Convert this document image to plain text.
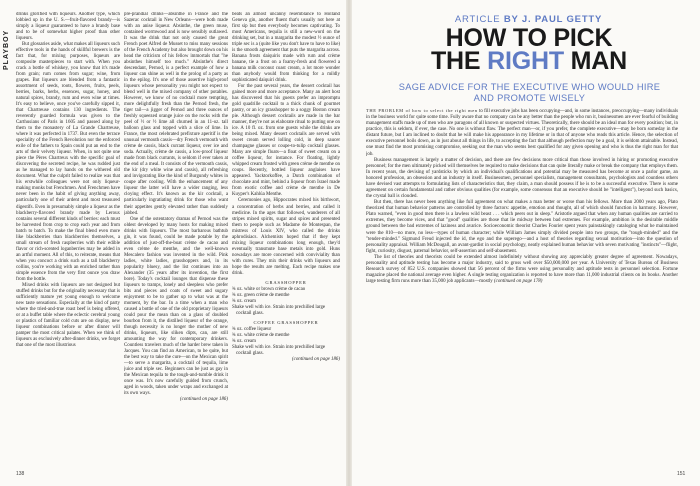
PLAYBOY

drinks glorified with liqueurs. Another type, which lobbied up in the U. S.—fruit-flavored brandy—is simply a liqueur guaranteed to have a brandy base and to be of somewhat higher proof than other liqueurs.

But glossaries aside, what makes all liqueurs such effective tools in the hands of skillful brewers is the fact that, for mixing purposes, liqueurs are composite masterpieces to start with. When you crack a bottle of whiskey, you know that it's made from grain; rum comes from sugar; wine, from grapes. But liqueurs are blended from a fantastic assortment of seeds, roots, flowers, fruits, peels, berries, barks, herbs, essences, sugar, honey, and natural spices, brandy, rum and even wine at times. It's easy to believe, once you've carefully sipped it, that Chartreuse contains 130 ingredients. The reverently guarded formula was given to the Carthusians of Paris in 1605 and passed along by them to the monastery of La Grande Chartreuse, where it was perfected in 1737. But even the terrace speciality of the French Revolution nor the enforced exile of the fathers to Spain could put an end to the arts of their velvety liqueur. When, in not quite one piece the Pères Chartreux with the specific goal of discovering the secreted recipe, he was rudded just as he managed to lay hands on the withered old document. What the culprit failed to realize was that his erstwhile colleagues were not only liqueur-making monks but Frenchmen. And Frenchmen have never been in the habit of giving anything away, particularly one of their ardent and most treasured digestifs. Even in presumably simple a liqueur as the blackberry-flavored brandy made by Leroux contains several different kinds of berries: each must be harvested from crop to crop each year and from batch to batch. To make the final blend even more like blackberries than blackberries themselves, a small stream of fresh raspberries with their edible flavor or rich-scented loganberries may be added in an artful moment. All of this, to reiterate, means that when you concoct a drink such as a tall blackberry collins, you're working with an enriched rather than simple essence from the very first ounce you draw from the bottle.

Mixed drinks with liqueurs are not designed but stuffed drinks but for the originality necessary that is sufficiently mature yet young enough to welcome new taste sensations. Especially at the kind of party where the tried-and-true roast beef is being offered, or at a buffet table where the eclectic cerebral young or plastics of familiar cold cuts are on display, new liqueur combinations before or after dinner will pamper the most critical palates. When we think of liqueurs as exclusively after-dinner drinks, we forget that one of the most illustrious

pre-prandial drinks—absinthe in France and the Sazerac cocktail in New Orleans—were both made with an anise liqueur. Absinthe, the green muse, contained wormwood and is now sensibly outlawed. It was the drink that not only caused the great French poet Alfred de Musset to miss many sessions of the French Academy but also brought down on his head the criticism of his fellow immortals that "he absinthes himself too much." Absinthe's direct descendant, Pernod, is a perfect example of how a liqueur can shine as well in the prolog of a party as in the epilog. It's one of those assertive high-proof liqueurs whose personality you might not expect to blend well in the mixed company of other potables. However, we know of no cocktail more tempting, more delightfully fresh than the Pernod fresh, the tiger tail—a jigger of Pernod and three ounces of freshly squeezed orange juice on the rocks with the peel of ½ or ½ lime all churned in an 11-oz. tall balloon glass and topped with a slice of lime. In France, the most celebrated prefixture aperitif is the unusual vermouth cassis—dry French vermouth with crème de cassis, black currant liqueur, over ice and soda. Actually, crème de cassis, a low-proof liqueur made from black currants, is seldom if ever taken at the end of a meal. It consists of the vermouth cassis, the kir (dry white wine and cassis), all refreshing and invigorating like the kind of Burgundy whites in coupe after cooling. With the enhancement of any liqueur the latter will have a wider ranging, less cloying effect. It's known as the kir cocktail, a particularly ingratiating drink for those who want their appetites gently elevated rather than suddenly jabbed.

One of the ostentatory dramas of Pernod was the oldest developed by many hosts for making mixed drinks with liqueurs. The most barbarous bathtub gin, it was found, could be made potable by the addition of just-off-the-boat crème de cacao and even crème de menthe, and the well-known Mescalero fashion was invented in the wild. Pink ladies, white ladies, grasshoppers and, in its popularity bluesy, and the list continues into an Alexander (35 years after its invention, the first bore). Today's cocktail lounges that dispense these liqueurs to tramps, lonely and sleepless who prefer bits and pieces and coats of sweet and sugary enjoyment to be to gather up to what was at the moment, by the bar. In a time when a man who caused a bottle of one of the old proprietary liqueurs could pour the mean than on a glass of doubled bourbon from it, the distilled liqueur of the orange, though necessity is no longer the mother of new drinks, liqueurs, like sliken dipts, can, are still amounting the way for contemporary drinkers. Countless travelers much of the harder brew taken in Jacques. You can find an American, to be quite, but the best way to take the cure—on the Mexican spirit—to serve a margarita, a cocktail of tequila, lime juice and triple sec. Beginners can be just as gay in the Mexican tequila to the tough-and-tumble drink it once was. It's now carefully guided from crunch, aged in woods, taken under wraps and exchanged at its own ways.

(continued on page 186)

beats an almost uncanny resemblance to Holland Geneva gin, another fluent that's usually not here at first sip but then everybody becomes captivating. To most Americans, tequila is still a new-word on the drinking set, but in a margarita the modest ½ ounce of triple sec is a (quite like you don't have to have to like) is the smooth agreement that puts the margarita across. Banana frosts daiquiris made with rum and crème banane, tie a frost on a foamy-fresh and flowered a banana milk coconut coast cream, a lot more wonder than anybody would from thinking for a mildly sophisticated daiquiri drink.

For the past several years, the dessert cocktail has gained more and more acceptance. Many an alert host has discovered that his guests prefer an impromptu gold quadrille cocktail to a thick chunk of gourmet pastry, or an icy grasshopper to a soggy Boston cream pie. Although dessert cocktails are made in the bar manner, they're not as elaborate ritual to putting one on ice. A 10 fl. oz. from one guests while the drinks are being mixed. Many dessert cocktails are served with sweet cream served lolling cold, in deep saucer champagne glasses or coupe-to-tulip cocktail glasses. Many are simple floats—a float of sweet cream on a coffee liqueur, for instance. For floating, lightly whipped cream frosted with green crème de menthe on coups. Recently, bottled liqueur anglaises have appeared. Yacktorkoffee, a Dutch combination of chocolate and mint, behind a liqueur from Israel made from exotic coffee and crème de menthe in De Kuyper's Kahlúa Menthe.

Ceremonies ago, Hippocrates mixed his birthwort, a concentration of herbs and berries, and called it medicine. In the ages that followed, wanderers of all stripes mixed spirits, sugar and spices and presented them to people such as Madame de Montespan, the mistress of Louis XIV, who called the drinks aphrodisiacs. Alchemists hoped that if they kept mixing liqueur combinations long enough, they'd eventually transmute base metals into gold. Huns nowadays are more concerned with conviviality than with cures. They mix their drinks with liqueurs and hope the results are melting. Each recipe makes one drink.

GRASSHOPPER
¾ oz. white or brown crème de cacao
¾ oz. green crème de menthe
¾ oz. cream
Shake well with ice. Strain into prechilled large cocktail glass.
COFFEE GRASSHOPPER
¾ oz. coffee liqueur
¾ oz. white crème de menthe
¾ oz. cream
Shake well with ice. Strain into prechilled large cocktail glass.

(continued on page 186)

138
ARTICLE BY J. PAUL GETTY
HOW TO PICK
THE RIGHT MAN
SAGE ADVICE FOR THE EXECUTIVE WHO WOULD HIRE AND PROMOTE WISELY

THE PROBLEM of how to select the right men to fill executive jobs has been occupying—and, in some instances, preoccupying—many individuals in the business world for quite some time. Fully aware that no company can be any better than the people who run it, businessmen are ever fearful of building management staffs made up of men who are paragons of all known or suspected virtues. Theoretically, there should be an ideal man for every position; but, in practice, this is seldom, if ever, the case. No one is without flaw. The perfect man—or, if you prefer, the complete executive—may be born someday in the distant future, but I am inclined to doubt that he will make his appearance in my lifetime or in that of anyone who reads this article. Hence, the selection of executive personnel boils down, as in just about all things in life, to accepting the fact that although perfection may be a goal, it is seldom attainable. Instead, one must find the most promising compromise, seeking out the man who seems best qualified for any given opening and who is thus the right man for that job.

Business management is largely a matter of decision, and there are few decisions more critical than those involved in hiring or promoting executive personnel; for the men ultimately picked will themselves be required to make decisions that can quite literally make or break the company that employs them. In recent years, the devising of yardsticks by which an individual's qualifications and potential may be measured has become at once a parlor game, an honored profession, an obsession and an industry in itself. Businessmen, personnel specialists, management consultants, psychologists and countless others have devised vast attempts to formulating lists of characteristics that, they claim, a man should possess if he is to be a successful executive. There is some agreement on certain fundamental and rather obvious qualities (for example, some consensus that an executive should be "intelligent"), beyond such basics, the crystal ball is clouded.

But then, there has never been anything like full agreement on what makes a man better or worse than his fellows. More than 2000 years ago, Plato theorized that human behavior patterns are controlled by three factors: appetite, emotion and thought, all of which should function in harmony. However, Plato warned, "even in good men there is a lawless wild beast . . . which peers out in sleep." Aristotle argued that when any human qualities are carried to extremes, they become vices, and that "good" qualities are those that lie midway between bad extremes. For example, ambition is the desirable middle ground between the bad extremes of laziness and avarice. Socioeconomic theorist Charles Fourier spent years painstakingly cataloging what he maintained were the 810—no more, no less—types of human character; while William James simply divided people into two groups, the "tough-minded" and the "tender-minded." Sigmund Freud injected the id, the ego and the superego—and a host of theories regarding sexual motivation—into the question of personality appraisal. William McDougall, an avant-gardist in social psychology, neatly explained human behavior with seven motivating "instincts"—flight, fight, curiosity, disgust, paternal behavior, self-assertion and self-abasement.

The list of theories and theorists could be extended almost indefinitely without showing any appreciably greater degree of agreement. Nowadays, personality and aptitude testing has become a major industry, said to gross well over $50,000,000 per year. A University of Texas Bureau of Business Research survey of 852 U.S. companies showed that 56 percent of the firms were using personality and aptitude tests in personnel selection. Fortune magazine placed the national average even higher. A single testing organization is reported to have more than 11,000 industrial clients on its books. Another large testing firm runs more than 35,000 job applicants—mostly (continued on page 178)

151
